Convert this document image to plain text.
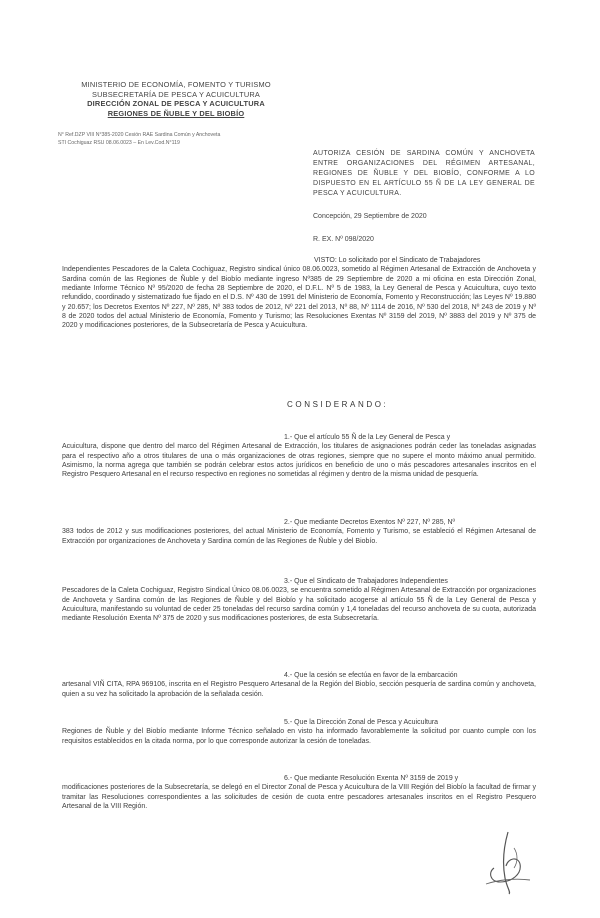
MINISTERIO DE ECONOMÍA, FOMENTO Y TURISMO
SUBSECRETARÍA DE PESCA Y ACUICULTURA
DIRECCIÓN ZONAL DE PESCA Y ACUICULTURA
REGIONES DE ÑUBLE Y DEL BIOBÍO
N° Ref.DZP VIII N°385-2020 Cesión RAE Sardina Común y Anchoveta
STI Cochiguaz RSU 08.06.0023 – En Lev.Cod.N°119
AUTORIZA CESIÓN DE SARDINA COMÚN Y ANCHOVETA ENTRE ORGANIZACIONES DEL RÉGIMEN ARTESANAL, REGIONES DE ÑUBLE Y DEL BIOBÍO, CONFORME A LO DISPUESTO EN EL ARTÍCULO 55 Ñ DE LA LEY GENERAL DE PESCA Y ACUICULTURA.
Concepción, 29 Septiembre de 2020
R. EX. Nº 098/2020
VISTO: Lo solicitado por el Sindicato de Trabajadores
Independientes Pescadores de la Caleta Cochiguaz, Registro sindical único 08.06.0023, sometido al Régimen Artesanal de Extracción de Anchoveta y Sardina común de las Regiones de Ñuble y del Biobío mediante ingreso Nº385 de 29 Septiembre de 2020 a mi oficina en esta Dirección Zonal, mediante Informe Técnico Nº 95/2020 de fecha 28 Septiembre de 2020, el D.F.L. Nº 5 de 1983, la Ley General de Pesca y Acuicultura, cuyo texto refundido, coordinado y sistematizado fue fijado en el D.S. Nº 430 de 1991 del Ministerio de Economía, Fomento y Reconstrucción; las Leyes Nº 19.880 y 20.657; los Decretos Exentos Nº 227, Nº 285, Nº 383 todos de 2012, Nº 221 del 2013, Nº 88, Nº 1114 de 2016, Nº 530 del 2018, Nº 243 de 2019 y Nº 8 de 2020 todos del actual Ministerio de Economía, Fomento y Turismo; las Resoluciones Exentas Nº 3159 del 2019, Nº 3883 del 2019 y Nº 375 de 2020 y modificaciones posteriores, de la Subsecretaría de Pesca y Acuicultura.
CONSIDERANDO:
1.- Que el artículo 55 Ñ de la Ley General de Pesca y
Acuicultura, dispone que dentro del marco del Régimen Artesanal de Extracción, los titulares de asignaciones podrán ceder las toneladas asignadas para el respectivo año a otros titulares de una o más organizaciones de otras regiones, siempre que no supere el monto máximo anual permitido. Asimismo, la norma agrega que también se podrán celebrar estos actos jurídicos en beneficio de uno o más pescadores artesanales inscritos en el Registro Pesquero Artesanal en el recurso respectivo en regiones no sometidas al régimen y dentro de la misma unidad de pesquería.
2.- Que mediante Decretos Exentos Nº 227, Nº 285, Nº
383 todos de 2012 y sus modificaciones posteriores, del actual Ministerio de Economía, Fomento y Turismo, se estableció el Régimen Artesanal de Extracción por organizaciones de Anchoveta y Sardina común de las Regiones de Ñuble y del Biobío.
3.- Que el Sindicato de Trabajadores Independientes
Pescadores de la Caleta Cochiguaz, Registro Sindical Único 08.06.0023, se encuentra sometido al Régimen Artesanal de Extracción por organizaciones de Anchoveta y Sardina común de las Regiones de Ñuble y del Biobío y ha solicitado acogerse al artículo 55 Ñ de la Ley General de Pesca y Acuicultura, manifestando su voluntad de ceder 25 toneladas del recurso sardina común y 1,4 toneladas del recurso anchoveta de su cuota, autorizada mediante Resolución Exenta Nº 375 de 2020 y sus modificaciones posteriores, de esta Subsecretaría.
4.- Que la cesión se efectúa en favor de la embarcación
artesanal VIÑ CITA, RPA 969106, inscrita en el Registro Pesquero Artesanal de la Región del Biobío, sección pesquería de sardina común y anchoveta, quien a su vez ha solicitado la aprobación de la señalada cesión.
5.- Que la Dirección Zonal de Pesca y Acuicultura
Regiones de Ñuble y del Biobío mediante Informe Técnico señalado en visto ha informado favorablemente la solicitud por cuanto cumple con los requisitos establecidos en la citada norma, por lo que corresponde autorizar la cesión de toneladas.
6.- Que mediante Resolución Exenta Nº 3159 de 2019 y
modificaciones posteriores de la Subsecretaría, se delegó en el Director Zonal de Pesca y Acuicultura de la VIII Región del Biobío la facultad de firmar y tramitar las Resoluciones correspondientes a las solicitudes de cesión de cuota entre pescadores artesanales inscritos en el Registro Pesquero Artesanal de la VIII Región.
